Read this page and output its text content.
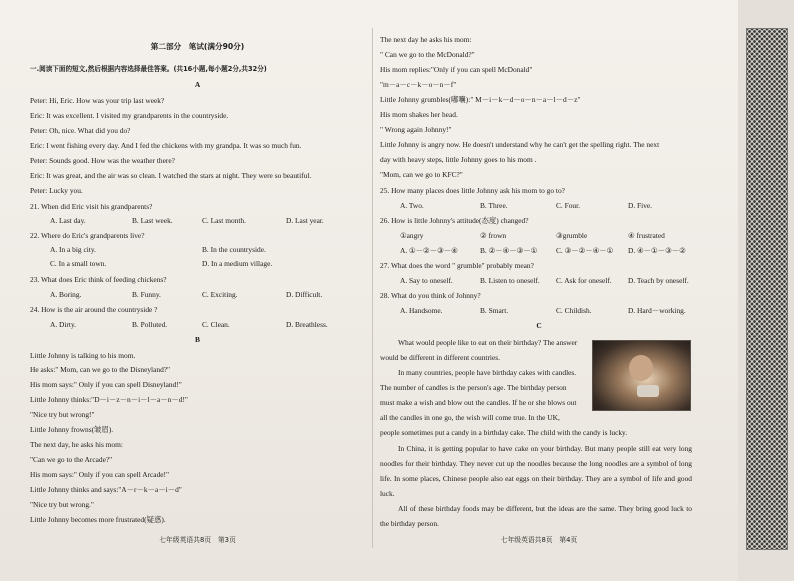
第二部分　笔试(满分90分)
一.阅读下面的短文,然后根据内容选择最佳答案。(共16小题,每小题2分,共32分)
A
Peter: Hi, Eric. How was your trip last week?
Eric: It was excellent. I visited my grandparents in the countryside.
Peter: Oh, nice. What did you do?
Eric: I went fishing every day. And I fed the chickens with my grandpa. It was so much fun.
Peter: Sounds good. How was the weather there?
Eric: It was great, and the air was so clean. I watched the stars at night. They were so beautiful.
Peter: Lucky you.
21. When did Eric visit his grandparents?
A. Last day.	B. Last week.	C. Last month.	D. Last year.
22. Where do Eric's grandparents live?
A. In a big city.	B. In the countryside.
C. In a small town.	D. In a medium village.
23. What does Eric think of feeding chickens?
A. Boring.	B. Funny.	C. Exciting.	D. Difficult.
24. How is the air around the countryside ?
A. Dirty.	B. Polluted.	C. Clean.	D. Breathless.
B
Little Johnny is talking to his mom.
He asks:" Mom, can we go to the Disneyland?"
His mom says:" Only if you can spell Disneyland!"
Little Johnny thinks:"D－i－z－n－i－l－a－n－d!"
"Nice try but wrong!"
Little Johnny frowns(皱眉).
The next day, he asks his mom:
"Can we go to the Arcade?"
His mom says:" Only if you can spell Arcade!"
Little Johnny thinks and says:"A－r－k－a－i－d"
"Nice try but wrong."
Little Johnny becomes more frustrated(疑惑).
七年级英语共8页　第3页
The next day he asks his mom:
" Can we go to the McDonald?"
His mom replies:"Only if you can spell McDonald"
"m－a－c－k－o－n－f"
Little Johnny grumbles(嘟囔):" M－i－k－d－o－n－a－l－d－z"
His mom shakes her head.
" Wrong again Johnny!"
Little Johnny is angry now. He doesn't understand why he can't get the spelling right. The next
day with heavy steps, little Johnny goes to his mom .
"Mom, can we go to KFC?"
25. How many places does little Johnny ask his mom to go to?
A. Two.	B. Three.	C. Four.	D. Five.
26. How is little Johnny's attitude(态度) changed?
①angry	② frown	③grumble	④ frustrated
A. ①－②－③－④	B. ②－④－③－①	C. ③－②－④－① D. ④－①－③－②
27. What does the word " grumble" probably mean?
A. Say to oneself.	B. Listen to oneself. C. Ask for oneself. D. Teach by oneself.
28. What do you think of Johnny?
A. Handsome.	B. Smart.	C. Childish.	D. Hard－working.
C
What would people like to eat on their birthday? The answer
would be different in different countries.
In many countries, people have birthday cakes with candles.
The number of candles is the person's age. The birthday person
must make a wish and blow out the candles. If he or she blows out
all the candles in one go, the wish will come true. In the UK,
people sometimes put a candy in a birthday cake. The child with the candy is lucky.
In China, it is getting popular to have cake on your birthday. But many people still eat very long noodles for their birthday. They never cut up the noodles because the long noodles are a symbol of long life. In some places, Chinese people also eat eggs on their birthday. They are a symbol of life and good luck.
All of these birthday foods may be different, but the ideas are the same. They bring good luck to the birthday person.
七年级英语共8页　第4页
